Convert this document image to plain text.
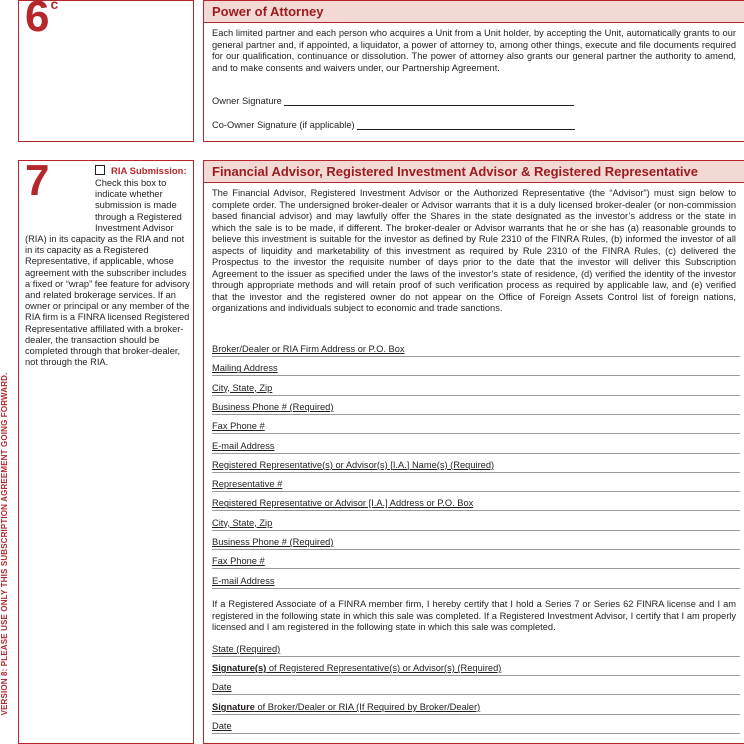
VERSION 8: PLEASE USE ONLY THIS SUBSCRIPTION AGREEMENT GOING FORWARD.
6$^c$	Power of Attorney

Each limited partner and each person who acquires a Unit from a Unit holder, by accepting the Unit, automatically grants to our general partner and, if appointed, a liquidator, a power of attorney to, among other things, execute and file documents required for our qualification, continuance or dissolution. The power of attorney also grants our general partner the authority to amend, and to make consents and waivers under, our Partnership Agreement.

Owner Signature
Co-Owner Signature (if applicable)
7	RIA Submission:
Check this box to indicate whether submission is made through a Registered Investment Advisor (RIA) in its capacity as the RIA and not in its capacity as a Registered Representative, if applicable, whose agreement with the subscriber includes a fixed or “wrap” fee feature for advisory and related brokerage services. If an owner or principal or any member of the RIA firm is a FINRA licensed Registered Representative affiliated with a broker-dealer, the transaction should be completed through that broker-dealer, not through the RIA.
Financial Advisor, Registered Investment Advisor & Registered Representative

The Financial Advisor, Registered Investment Advisor or the Authorized Representative (the “Advisor”) must sign below to complete order. The undersigned broker-dealer or Advisor warrants that it is a duly licensed broker-dealer (or non-commission based financial advisor) and may lawfully offer the Shares in the state designated as the investor’s address or the state in which the sale is to be made, if different. The broker-dealer or Advisor warrants that he or she has (a) reasonable grounds to believe this investment is suitable for the investor as defined by Rule 2310 of the FINRA Rules, (b) informed the investor of all aspects of liquidity and marketability of this investment as required by Rule 2310 of the FINRA Rules, (c) delivered the Prospectus to the investor the requisite number of days prior to the date that the investor will deliver this Subscription Agreement to the issuer as specified under the laws of the investor’s state of residence, (d) verified the identity of the investor through appropriate methods and will retain proof of such verification process as required by applicable law, and (e) verified that the investor and the registered owner do not appear on the Office of Foreign Assets Control list of foreign nations, organizations and individuals subject to economic and trade sanctions.

Broker/Dealer or RIA Firm Address or P.O. Box
Mailing Address
City, State, Zip
Business Phone # (Required)
Fax Phone #
E-mail Address
Registered Representative(s) or Advisor(s) [I.A.] Name(s) (Required)
Representative #
Registered Representative or Advisor [I.A.] Address or P.O. Box
City, State, Zip
Business Phone # (Required)
Fax Phone #
E-mail Address

If a Registered Associate of a FINRA member firm, I hereby certify that I hold a Series 7 or Series 62 FINRA license and I am registered in the following state in which this sale was completed. If a Registered Investment Advisor, I certify that I am properly licensed and I am registered in the following state in which this sale was completed.

State (Required)
Signature(s) of Registered Representative(s) or Advisor(s) (Required)
Date
Signature of Broker/Dealer or RIA (If Required by Broker/Dealer)
Date
